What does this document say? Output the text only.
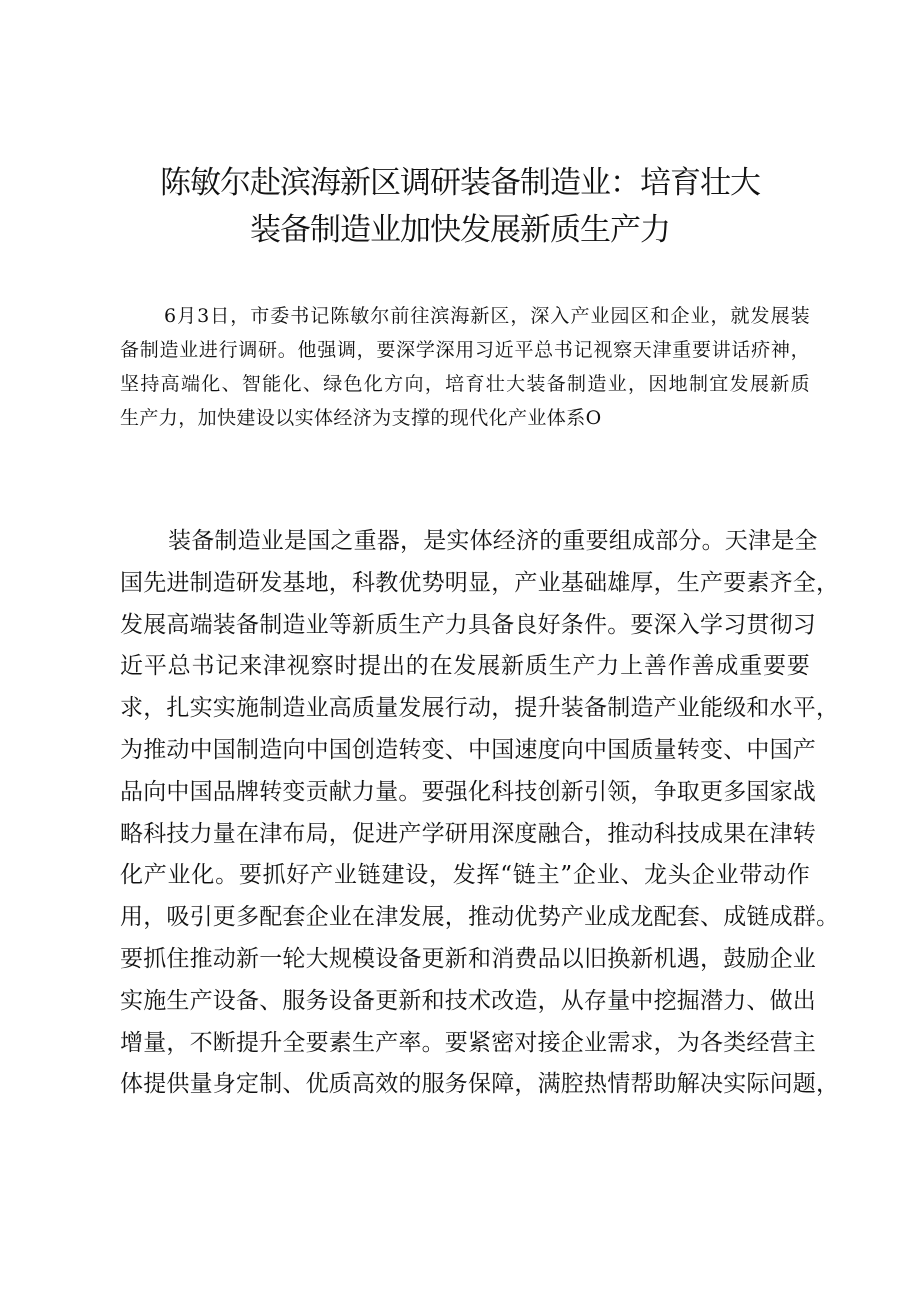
陈敏尔赴滨海新区调研装备制造业：培育壮大
装备制造业加快发展新质生产力

6月3日，市委书记陈敏尔前往滨海新区，深入产业园区和企业，就发展装
备制造业进行调研。他强调，要深学深用习近平总书记视察天津重要讲话疥神，
坚持高端化、智能化、绿色化方向，培育壮大装备制造业，因地制宜发展新质
生产力，加快建设以实体经济为支撑的现代化产业体系O

装备制造业是国之重器，是实体经济的重要组成部分。天津是全
国先进制造研发基地，科教优势明显，产业基础雄厚，生产要素齐全，
发展高端装备制造业等新质生产力具备良好条件。要深入学习贯彻习
近平总书记来津视察时提出的在发展新质生产力上善作善成重要要
求，扎实实施制造业高质量发展行动，提升装备制造产业能级和水平，
为推动中国制造向中国创造转变、中国速度向中国质量转变、中国产
品向中国品牌转变贡献力量。要强化科技创新引领，争取更多国家战
略科技力量在津布局，促进产学研用深度融合，推动科技成果在津转
化产业化。要抓好产业链建设，发挥“链主”企业、龙头企业带动作
用，吸引更多配套企业在津发展，推动优势产业成龙配套、成链成群。
要抓住推动新一轮大规模设备更新和消费品以旧换新机遇，鼓励企业
实施生产设备、服务设备更新和技术改造，从存量中挖掘潜力、做出
增量，不断提升全要素生产率。要紧密对接企业需求，为各类经营主
体提供量身定制、优质高效的服务保障，满腔热情帮助解决实际问题，
